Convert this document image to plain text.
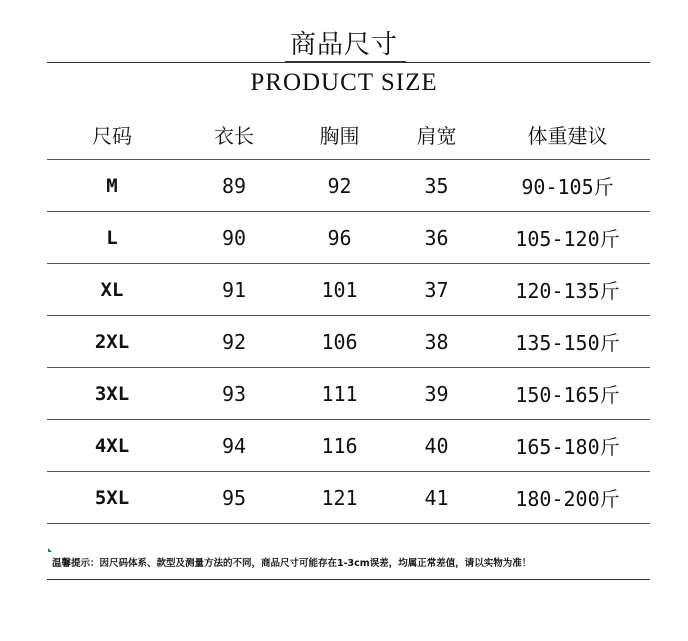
商品尺寸
PRODUCT SIZE
尺码	衣长	胸围	肩宽	体重建议
M	89	92	35	90-105斤
L	90	96	36	105-120斤
XL	91	101	37	120-135斤
2XL	92	106	38	135-150斤
3XL	93	111	39	150-165斤
4XL	94	116	40	165-180斤
5XL	95	121	41	180-200斤
温馨提示：因尺码体系、款型及测量方法的不同，商品尺寸可能存在1-3cm误差，均属正常差值，请以实物为准！
